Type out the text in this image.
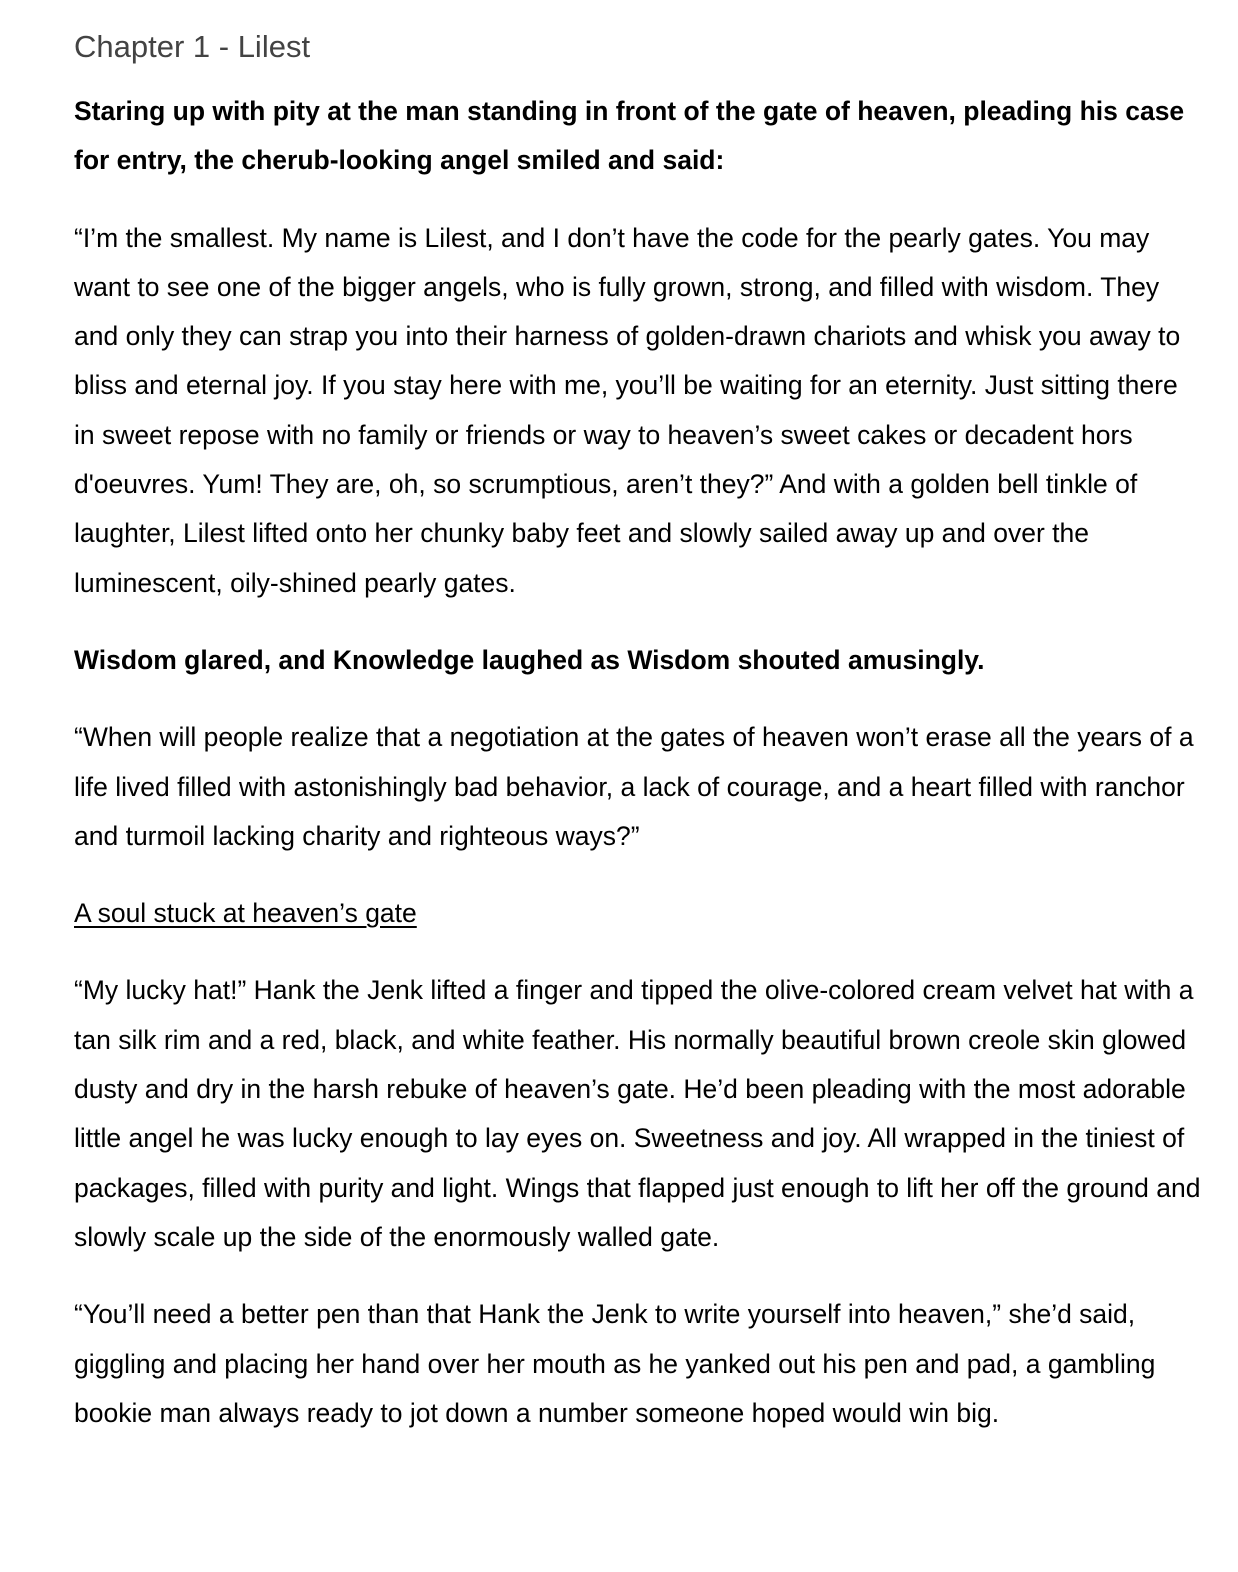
Chapter 1 - Lilest

Staring up with pity at the man standing in front of the gate of heaven, pleading his case for entry, the cherub-looking angel smiled and said:

“I’m the smallest. My name is Lilest, and I don’t have the code for the pearly gates. You may want to see one of the bigger angels, who is fully grown, strong, and filled with wisdom. They and only they can strap you into their harness of golden-drawn chariots and whisk you away to bliss and eternal joy. If you stay here with me, you’ll be waiting for an eternity. Just sitting there in sweet repose with no family or friends or way to heaven’s sweet cakes or decadent hors d'oeuvres. Yum! They are, oh, so scrumptious, aren’t they?” And with a golden bell tinkle of laughter, Lilest lifted onto her chunky baby feet and slowly sailed away up and over the luminescent, oily-shined pearly gates.

Wisdom glared, and Knowledge laughed as Wisdom shouted amusingly.

“When will people realize that a negotiation at the gates of heaven won’t erase all the years of a life lived filled with astonishingly bad behavior, a lack of courage, and a heart filled with ranchor and turmoil lacking charity and righteous ways?”

A soul stuck at heaven’s gate

“My lucky hat!” Hank the Jenk lifted a finger and tipped the olive-colored cream velvet hat with a tan silk rim and a red, black, and white feather. His normally beautiful brown creole skin glowed dusty and dry in the harsh rebuke of heaven’s gate. He’d been pleading with the most adorable little angel he was lucky enough to lay eyes on. Sweetness and joy. All wrapped in the tiniest of packages, filled with purity and light. Wings that flapped just enough to lift her off the ground and slowly scale up the side of the enormously walled gate.

“You’ll need a better pen than that Hank the Jenk to write yourself into heaven,” she’d said, giggling and placing her hand over her mouth as he yanked out his pen and pad, a gambling bookie man always ready to jot down a number someone hoped would win big.
